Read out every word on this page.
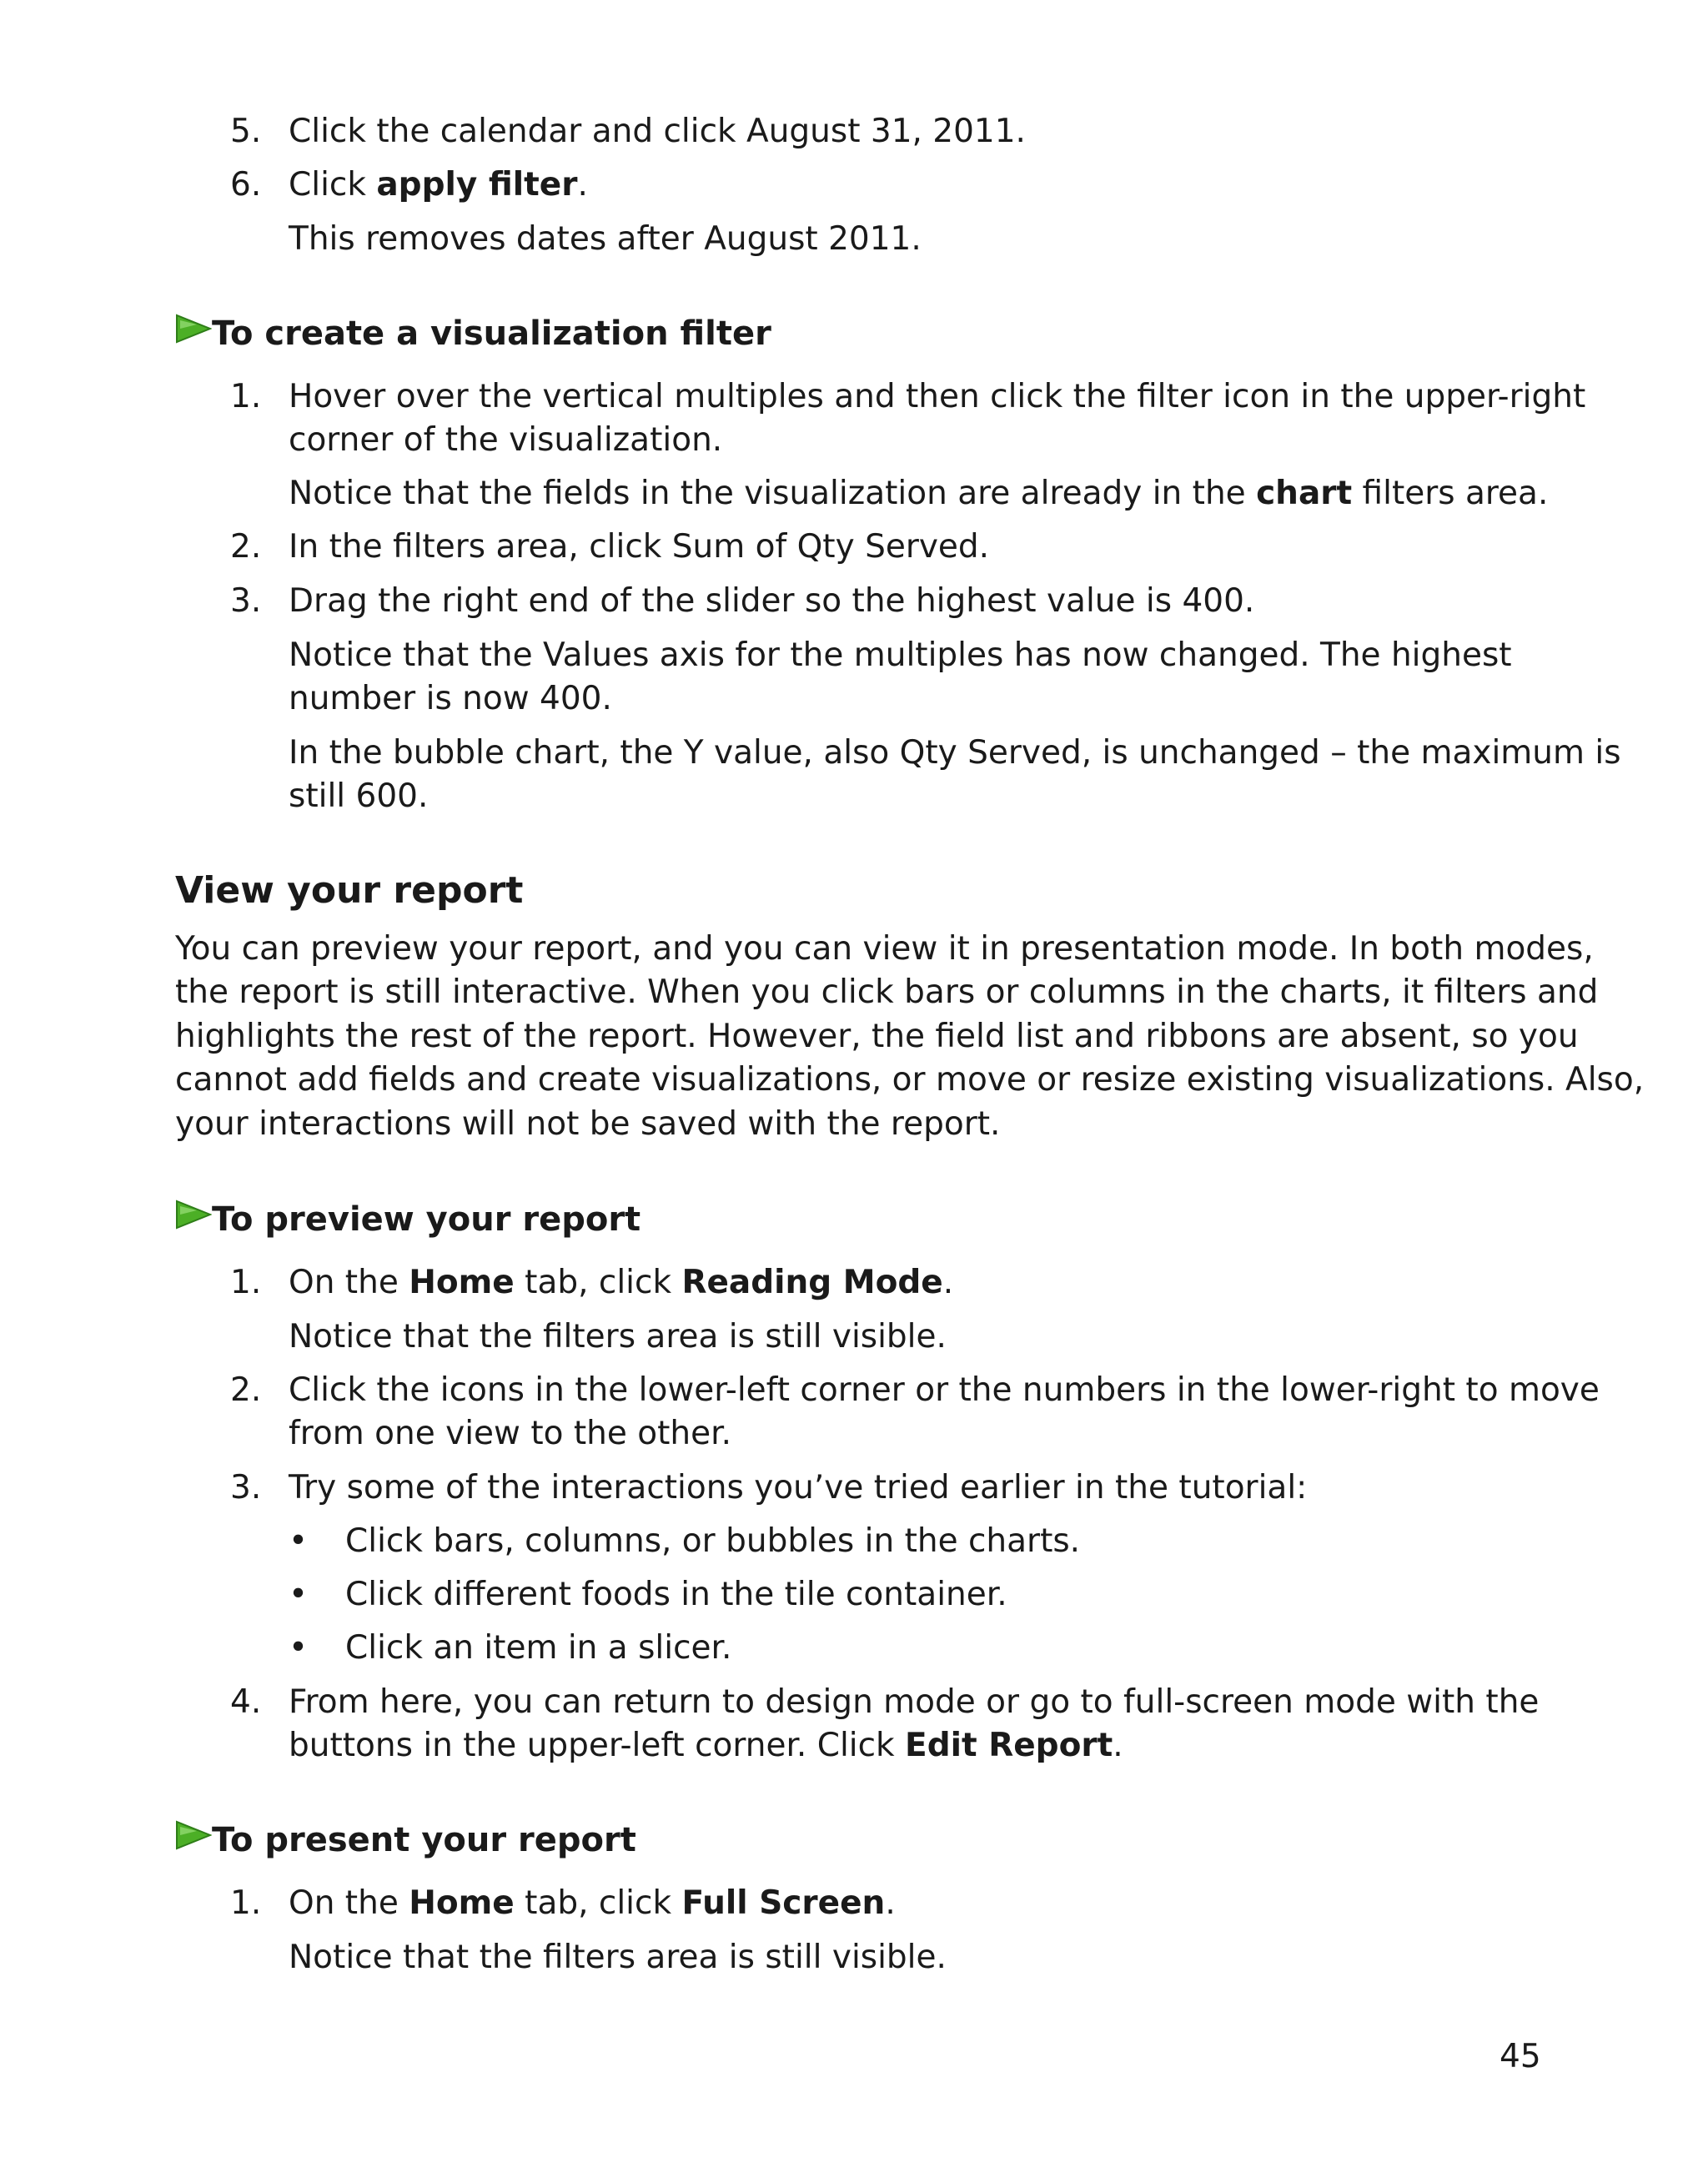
5. Click the calendar and click August 31, 2011.
6. Click apply filter.
This removes dates after August 2011.
To create a visualization filter
1. Hover over the vertical multiples and then click the filter icon in the upper-right
corner of the visualization.
Notice that the fields in the visualization are already in the chart filters area.
2. In the filters area, click Sum of Qty Served.
3. Drag the right end of the slider so the highest value is 400.
Notice that the Values axis for the multiples has now changed. The highest
number is now 400.
In the bubble chart, the Y value, also Qty Served, is unchanged – the maximum is
still 600.
View your report
You can preview your report, and you can view it in presentation mode. In both modes,
the report is still interactive. When you click bars or columns in the charts, it filters and
highlights the rest of the report. However, the field list and ribbons are absent, so you
cannot add fields and create visualizations, or move or resize existing visualizations. Also,
your interactions will not be saved with the report.
To preview your report
1. On the Home tab, click Reading Mode.
Notice that the filters area is still visible.
2. Click the icons in the lower-left corner or the numbers in the lower-right to move
from one view to the other.
3. Try some of the interactions you’ve tried earlier in the tutorial:
• Click bars, columns, or bubbles in the charts.
• Click different foods in the tile container.
• Click an item in a slicer.
4. From here, you can return to design mode or go to full-screen mode with the
buttons in the upper-left corner. Click Edit Report.
To present your report
1. On the Home tab, click Full Screen.
Notice that the filters area is still visible.
45
